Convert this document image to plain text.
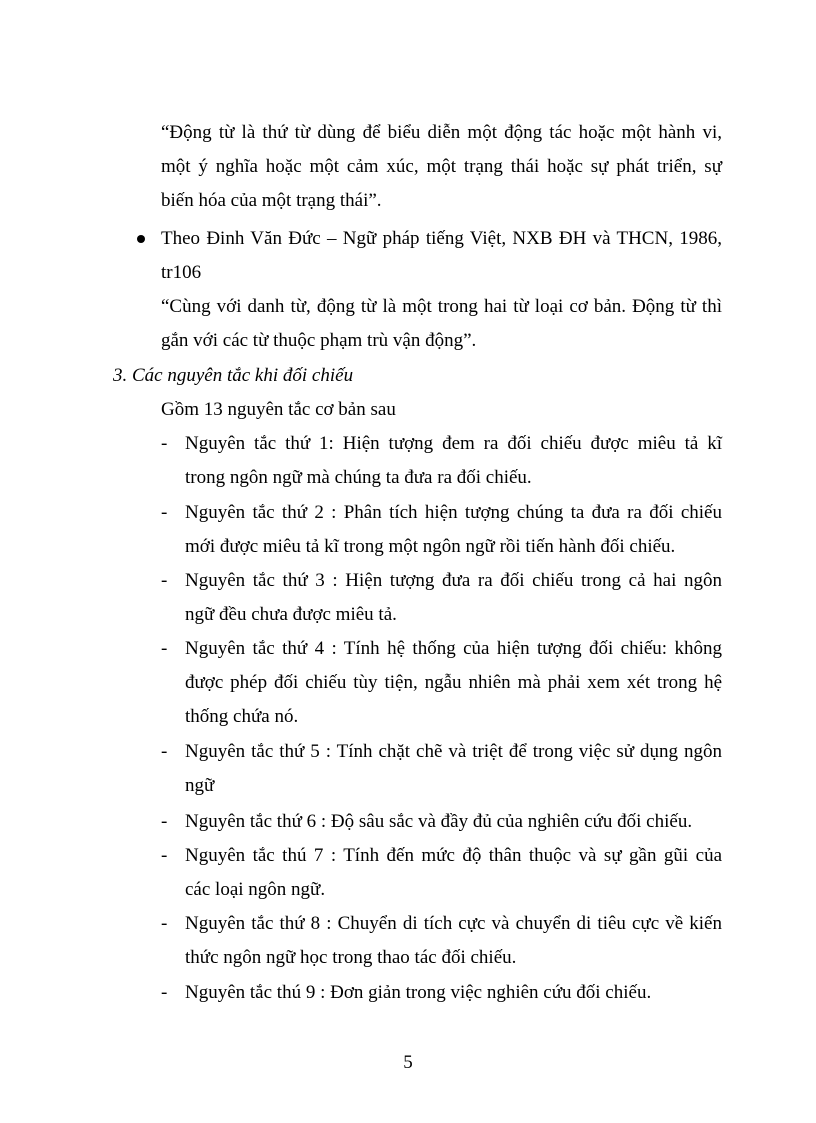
“Động từ là thứ từ dùng để biểu diễn một động tác hoặc một hành vi,
một ý nghĩa hoặc một cảm xúc, một trạng thái hoặc sự phát triển, sự
biến hóa của một trạng thái”.
Theo Đinh Văn Đức – Ngữ pháp tiếng Việt, NXB ĐH và THCN, 1986,
tr106
“Cùng với danh từ, động từ là một trong hai từ loại cơ bản. Động từ thì
gắn với các từ thuộc phạm trù vận động”.
3. Các nguyên tắc khi đối chiếu
Gồm 13 nguyên tắc cơ bản sau
- Nguyên tắc thứ 1: Hiện tượng đem ra đối chiếu được miêu tả kĩ
trong ngôn ngữ mà chúng ta đưa ra đối chiếu.
- Nguyên tắc thứ 2 : Phân tích hiện tượng chúng ta đưa ra đối chiếu
mới được miêu tả kĩ trong một ngôn ngữ rồi tiến hành đối chiếu.
- Nguyên tắc thứ 3 : Hiện tượng đưa ra đối chiếu trong cả hai ngôn
ngữ đều chưa được miêu tả.
- Nguyên tắc thứ 4 : Tính hệ thống của hiện tượng đối chiếu: không
được phép đối chiếu tùy tiện, ngẫu nhiên mà phải xem xét trong hệ
thống chứa nó.
- Nguyên tắc thứ 5 : Tính chặt chẽ và triệt để trong việc sử dụng ngôn
ngữ
- Nguyên tắc thứ 6 : Độ sâu sắc và đầy đủ của nghiên cứu đối chiếu.
- Nguyên tắc thú 7 : Tính đến mức độ thân thuộc và sự gần gũi của
các loại ngôn ngữ.
- Nguyên tắc thứ 8 : Chuyển di tích cực và chuyển di tiêu cực về kiến
thức ngôn ngữ học trong thao tác đối chiếu.
- Nguyên tắc thú 9 : Đơn giản trong việc nghiên cứu đối chiếu.
5
